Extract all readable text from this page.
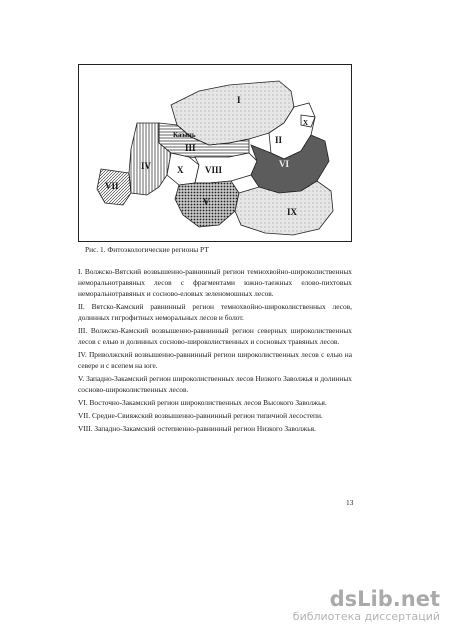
I
II
III
IV
V
VI
VII
VIII
IX
X
X
Казань
Рис. 1. Фитоэкологические регионы РТ
I. Волжско-Вятский возвышенно-равнинный регион темнохвойно-широколиственных неморальнотравяных лесов с фрагментами южно-таежных елово-пихтовых неморальнотравяных и сосново-еловых зеленомошных лесов.
II. Вятско-Камский равнинный регион темнохвойно-широколиственных лесов, долинных гигрофитных неморальных лесов и болот.
III. Волжско-Камский возвышенно-равнинный регион северных широколиственных лесов с елью и долинных сосново-широколиственных и сосновых травяных лесов.
IV. Приволжский возвышенно-равнинный регион широколиственных лесов с елью на севере и с всепем на юге.
V. Западно-Закамский регион широколиственных лесов Низкого Заволжья и долинных сосново-широколиственных лесов.
VI. Восточно-Закамский регион широколиственных лесов Высокого Заволжья.
VII. Средне-Свияжский возвышенно-равнинный регион типичной лесостепи.
VIII. Западно-Закамский остепненно-равнинный регион Низкого Заволжья.
13
dsLib.net
библиотека диссертаций
